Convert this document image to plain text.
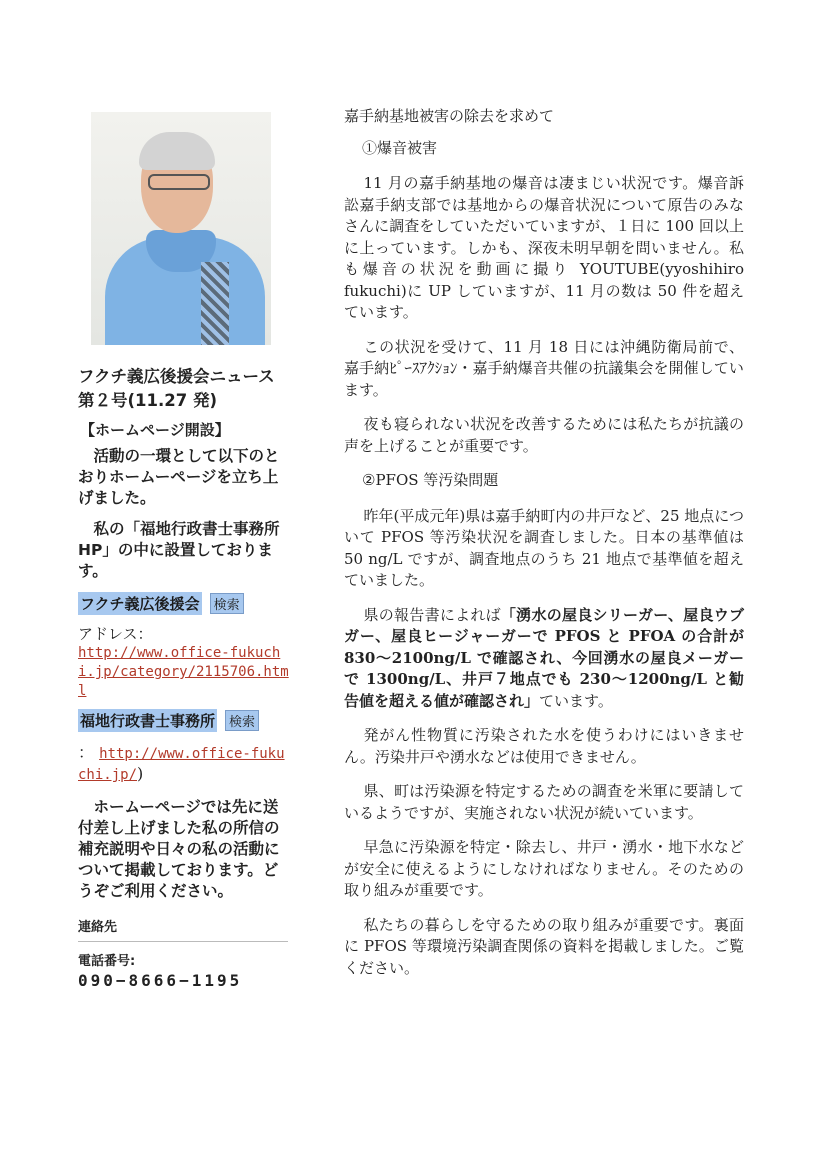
フクチ義広後援会ニュース

第２号(11.27 発)

【ホームページ開設】

活動の一環として以下のとおりホームーページを立ち上げました。

私の「福地行政書士事務所 HP」の中に設置しております。

フクチ義広後援会	検索
アドレス：
http://www.office-fukuchi.jp/category/2115706.html
福地行政書士事務所	検索
： http://www.office-fukuchi.jp/)

ホームーページでは先に送付差し上げました私の所信の補充説明や日々の私の活動について掲載しております。どうぞご利用ください。

連絡先
電話番号:
090−8666−1195

嘉手納基地被害の除去を求めて

①爆音被害

11 月の嘉手納基地の爆音は凄まじい状況です。爆音訴訟嘉手納支部では基地からの爆音状況について原告のみなさんに調査をしていただいていますが、１日に 100 回以上に上っています。しかも、深夜未明早朝を問いません。私も爆音の状況を動画に撮り YOUTUBE(yyoshihiro fukuchi)に UP していますが、11 月の数は 50 件を超えています。

この状況を受けて、11 月 18 日には沖縄防衛局前で、嘉手納ﾋﾟｰｽｱｸｼｮﾝ・嘉手納爆音共催の抗議集会を開催しています。

夜も寝られない状況を改善するためには私たちが抗議の声を上げることが重要です。

②PFOS 等汚染問題

昨年(平成元年)県は嘉手納町内の井戸など、25 地点について PFOS 等汚染状況を調査しました。日本の基準値は 50 ng/L ですが、調査地点のうち 21 地点で基準値を超えていました。

県の報告書によれば「湧水の屋良シリーガー、屋良ウブガー、屋良ヒージャーガーで PFOS と PFOA の合計が 830〜2100ng/L で確認され、今回湧水の屋良メーガーで 1300ng/L、井戸７地点でも 230〜1200ng/L と勧告値を超える値が確認され」ています。

発がん性物質に汚染された水を使うわけにはいきません。汚染井戸や湧水などは使用できません。

県、町は汚染源を特定するための調査を米軍に要請しているようですが、実施されない状況が続いています。

早急に汚染源を特定・除去し、井戸・湧水・地下水などが安全に使えるようにしなければなりません。そのための取り組みが重要です。

私たちの暮らしを守るための取り組みが重要です。裏面に PFOS 等環境汚染調査関係の資料を掲載しました。ご覧ください。
